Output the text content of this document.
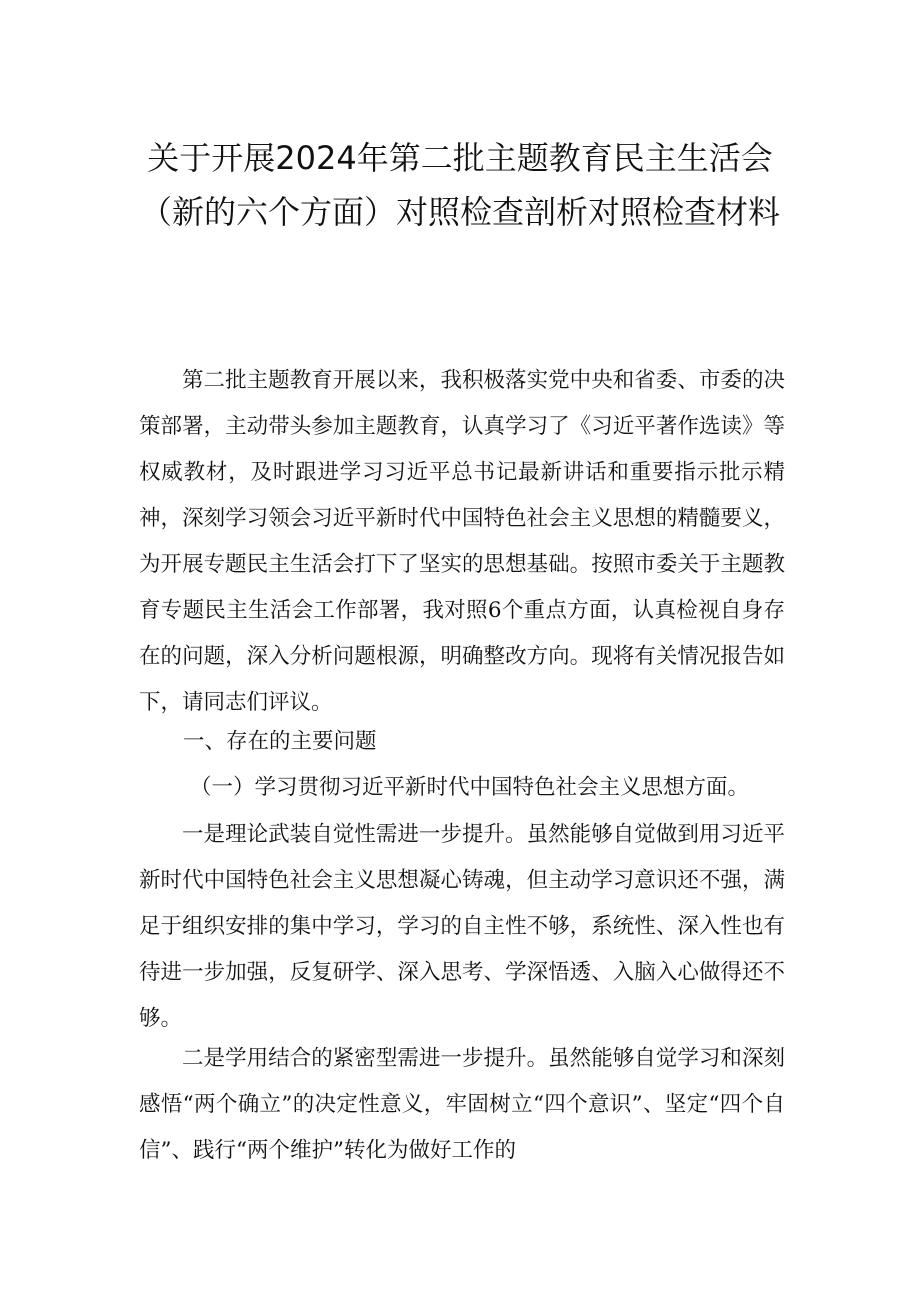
关于开展2024年第二批主题教育民主生活会
（新的六个方面）对照检查剖析对照检查材料

第二批主题教育开展以来，我积极落实党中央和省委、市委的决策部署，主动带头参加主题教育，认真学习了《习近平著作选读》等权威教材，及时跟进学习习近平总书记最新讲话和重要指示批示精神，深刻学习领会习近平新时代中国特色社会主义思想的精髓要义，为开展专题民主生活会打下了坚实的思想基础。按照市委关于主题教育专题民主生活会工作部署，我对照6个重点方面，认真检视自身存在的问题，深入分析问题根源，明确整改方向。现将有关情况报告如下，请同志们评议。

一、存在的主要问题
（一）学习贯彻习近平新时代中国特色社会主义思想方面。

一是理论武装自觉性需进一步提升。虽然能够自觉做到用习近平新时代中国特色社会主义思想凝心铸魂，但主动学习意识还不强，满足于组织安排的集中学习，学习的自主性不够，系统性、深入性也有待进一步加强，反复研学、深入思考、学深悟透、入脑入心做得还不够。

二是学用结合的紧密型需进一步提升。虽然能够自觉学习和深刻感悟“两个确立”的决定性意义，牢固树立“四个意识”、坚定“四个自信”、践行“两个维护”转化为做好工作的
